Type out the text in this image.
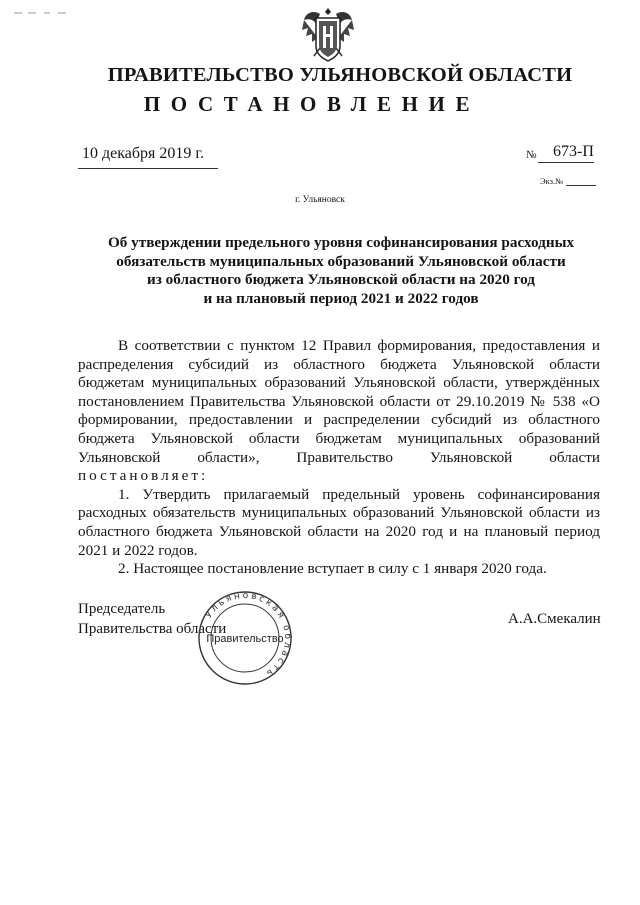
ПРАВИТЕЛЬСТВО УЛЬЯНОВСКОЙ ОБЛАСТИ
ПОСТАНОВЛЕНИЕ
10 декабря 2019 г.	№ 673-П
Экз.№
г. Ульяновск
Об утверждении предельного уровня софинансирования расходных
обязательств муниципальных образований Ульяновской области
из областного бюджета Ульяновской области на 2020 год
и на плановый период 2021 и 2022 годов

В соответствии с пунктом 12 Правил формирования, предоставления и распределения субсидий из областного бюджета Ульяновской области бюджетам муниципальных образований Ульяновской области, утверждённых постановлением Правительства Ульяновской области от 29.10.2019 № 538 «О формировании, предоставлении и распределении субсидий из областного бюджета Ульяновской области бюджетам муниципальных образований Ульяновской области», Правительство Ульяновской области постановляет:

1. Утвердить прилагаемый предельный уровень софинансирования расходных обязательств муниципальных образований Ульяновской области из областного бюджета Ульяновской области на 2020 год и на плановый период 2021 и 2022 годов.

2. Настоящее постановление вступает в силу с 1 января 2020 года.

Председатель
Правительства области
Ульяновская область
Правительство
А.А.Смекалин
